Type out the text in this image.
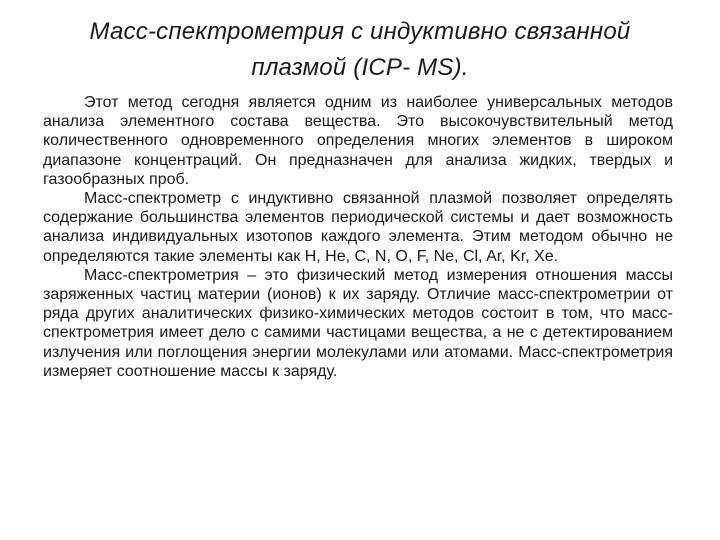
Масс-спектрометрия с индуктивно связанной плазмой (ICP- MS).

Этот метод сегодня является одним из наиболее универсальных методов анализа элементного состава вещества. Это высокочувствительный метод количественного одновременного определения многих элементов в широком диапазоне концентраций. Он предназначен для анализа жидких, твердых и газообразных проб.

Масс-спектрометр с индуктивно связанной плазмой позволяет определять содержание большинства элементов периодической системы и дает возможность анализа индивидуальных изотопов каждого элемента. Этим методом обычно не определяются такие элементы как H, He, C, N, O, F, Ne, Cl, Ar, Kr, Xe.

Масс-спектрометрия – это физический метод измерения отношения массы заряженных частиц материи (ионов) к их заряду. Отличие масс-спектрометрии от ряда других аналитических физико-химических методов состоит в том, что масс-спектрометрия имеет дело с самими частицами вещества, а не с детектированием излучения или поглощения энергии молекулами или атомами. Масс-спектрометрия измеряет соотношение массы к заряду.
